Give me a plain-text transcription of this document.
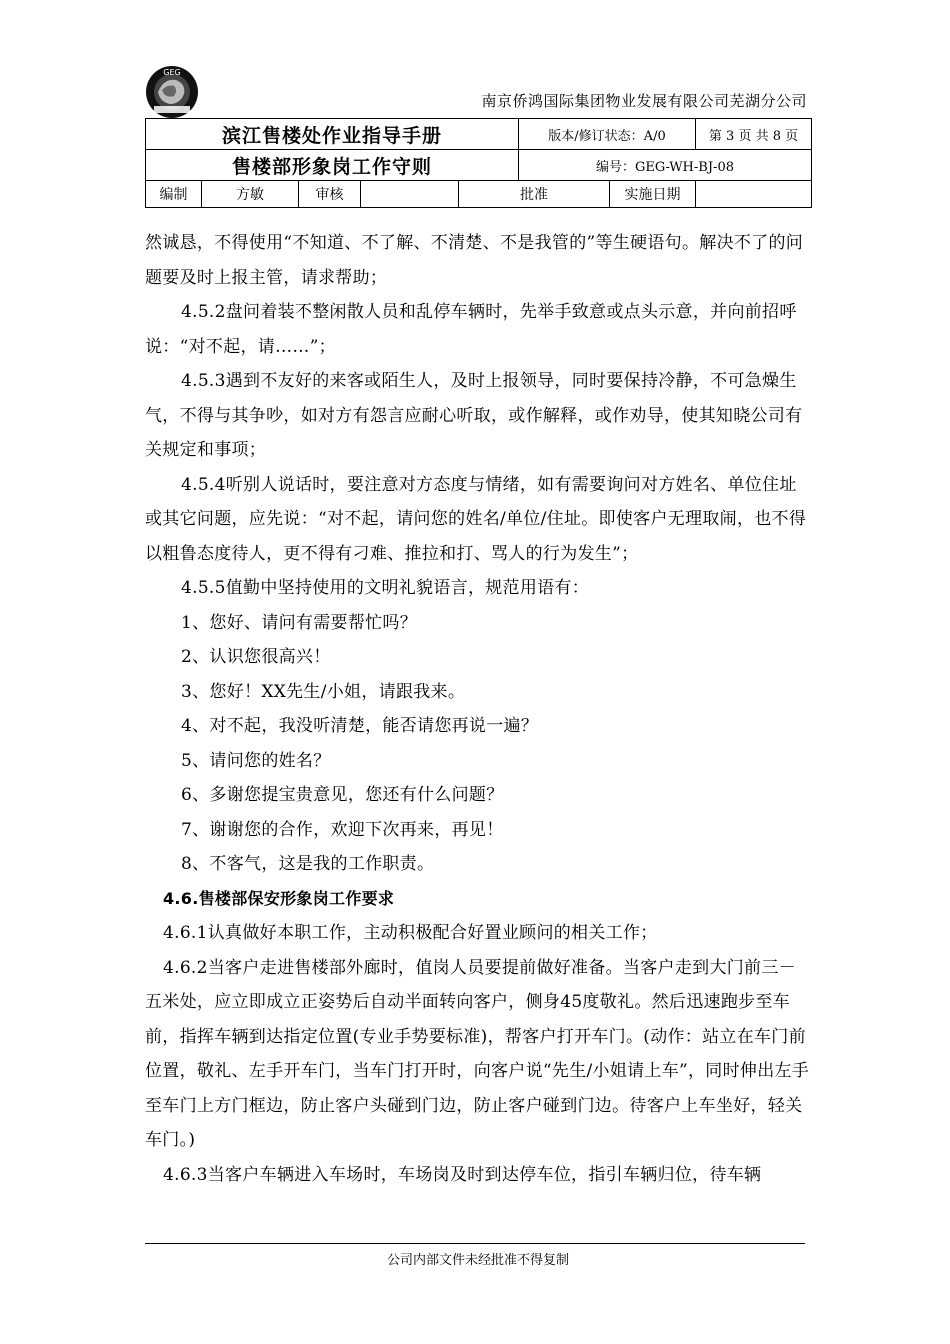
GEG
南京侨鸿国际集团物业发展有限公司芜湖分公司
滨江售楼处作业指导手册					版本/修订状态：A/0		第 3 页 共 8 页
售楼部形象岗工作守则					编号：GEG-WH-BJ-08		
编制	方敏	审核		批准		实施日期	

然诚恳，不得使用“不知道、不了解、不清楚、不是我管的”等生硬语句。解决不了的问题要及时上报主管，请求帮助；

4.5.2盘问着装不整闲散人员和乱停车辆时，先举手致意或点头示意，并向前招呼说：“对不起，请……”；

4.5.3遇到不友好的来客或陌生人，及时上报领导，同时要保持冷静，不可急燥生气，不得与其争吵，如对方有怨言应耐心听取，或作解释，或作劝导，使其知晓公司有关规定和事项；

4.5.4听别人说话时，要注意对方态度与情绪，如有需要询问对方姓名、单位住址或其它问题，应先说：“对不起，请问您的姓名/单位/住址。即使客户无理取闹，也不得以粗鲁态度待人，更不得有刁难、推拉和打、骂人的行为发生”；

4.5.5值勤中坚持使用的文明礼貌语言，规范用语有：

1、您好、请问有需要帮忙吗？

2、认识您很高兴！

3、您好！XX先生/小姐，请跟我来。

4、对不起，我没听清楚，能否请您再说一遍？

5、请问您的姓名？

6、多谢您提宝贵意见，您还有什么问题？

7、谢谢您的合作，欢迎下次再来，再见！

8、不客气，这是我的工作职责。

4.6.售楼部保安形象岗工作要求

4.6.1认真做好本职工作，主动积极配合好置业顾问的相关工作；

4.6.2当客户走进售楼部外廊时，值岗人员要提前做好准备。当客户走到大门前三－五米处，应立即成立正姿势后自动半面转向客户，侧身45度敬礼。然后迅速跑步至车前，指挥车辆到达指定位置(专业手势要标准)，帮客户打开车门。(动作：站立在车门前位置，敬礼、左手开车门，当车门打开时，向客户说“先生/小姐请上车”，同时伸出左手至车门上方门框边，防止客户头碰到门边，防止客户碰到门边。待客户上车坐好，轻关车门。)

4.6.3当客户车辆进入车场时，车场岗及时到达停车位，指引车辆归位，待车辆

公司内部文件未经批准不得复制
